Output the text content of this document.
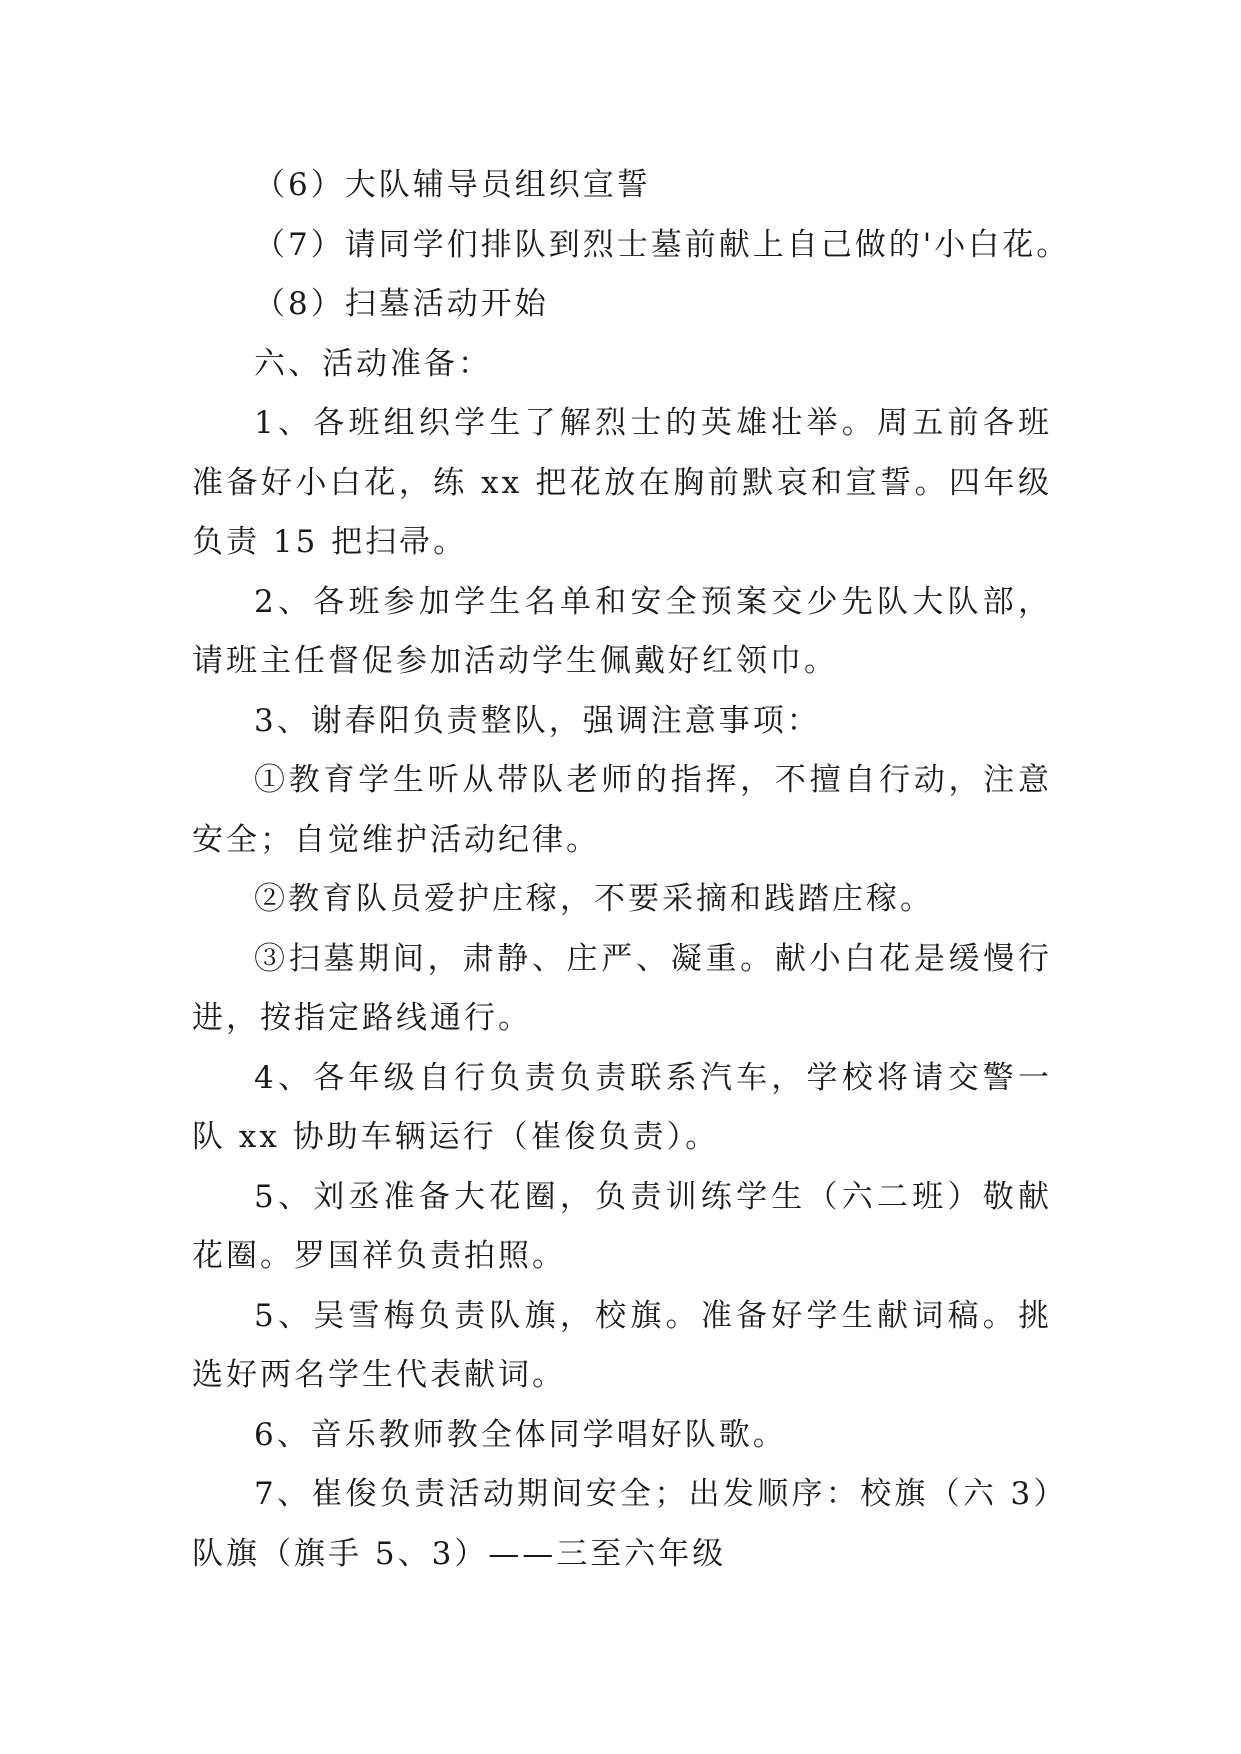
（6）大队辅导员组织宣誓

（7）请同学们排队到烈士墓前献上自己做的'小白花。

（8）扫墓活动开始

六、活动准备：

1、各班组织学生了解烈士的英雄壮举。周五前各班准备好小白花，练 xx 把花放在胸前默哀和宣誓。四年级负责 15 把扫帚。

2、各班参加学生名单和安全预案交少先队大队部，请班主任督促参加活动学生佩戴好红领巾。

3、谢春阳负责整队，强调注意事项：

①教育学生听从带队老师的指挥，不擅自行动，注意安全；自觉维护活动纪律。

②教育队员爱护庄稼，不要采摘和践踏庄稼。

③扫墓期间，肃静、庄严、凝重。献小白花是缓慢行进，按指定路线通行。

4、各年级自行负责负责联系汽车，学校将请交警一队 xx 协助车辆运行（崔俊负责）。

5、刘丞准备大花圈，负责训练学生（六二班）敬献花圈。罗国祥负责拍照。

5、吴雪梅负责队旗，校旗。准备好学生献词稿。挑选好两名学生代表献词。

6、音乐教师教全体同学唱好队歌。

7、崔俊负责活动期间安全；出发顺序：校旗（六 3）队旗（旗手 5、3）——三至六年级
